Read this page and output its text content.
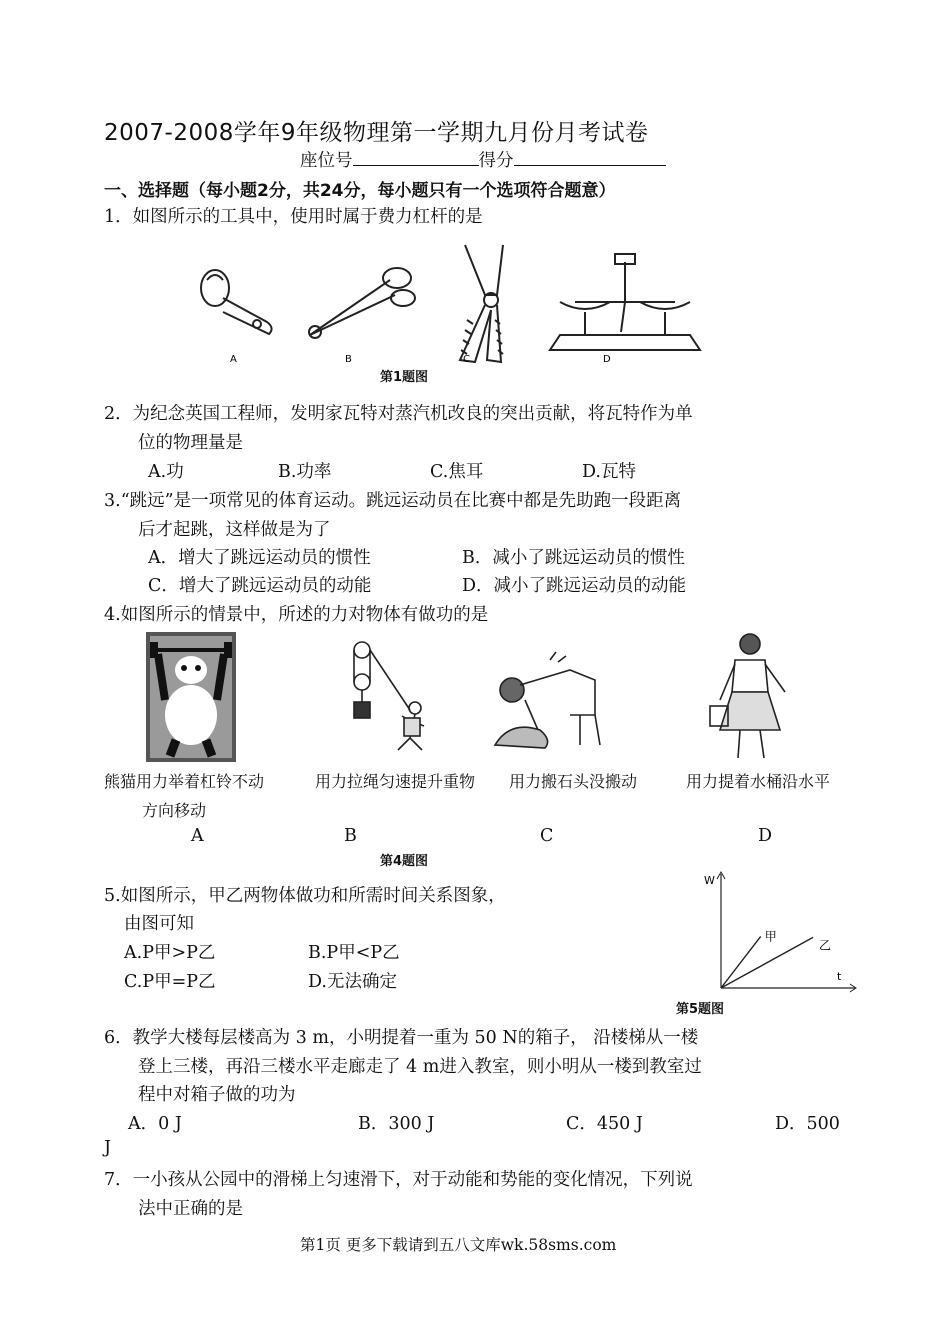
2007-2008学年9年级物理第一学期九月份月考试卷
座位号	得分
一、选择题（每小题2分，共24分，每小题只有一个选项符合题意）
1．如图所示的工具中，使用时属于费力杠杆的是
A	B	C	D
第1题图
2．为纪念英国工程师，发明家瓦特对蒸汽机改良的突出贡献，将瓦特作为单
位的物理量是
A.功	B.功率	C.焦耳	D.瓦特
3.“跳远”是一项常见的体育运动。跳远运动员在比赛中都是先助跑一段距离
后才起跳，这样做是为了
A．增大了跳远运动员的惯性	B．减小了跳远运动员的惯性
C．增大了跳远运动员的动能	D．减小了跳远运动员的动能
4.如图所示的情景中，所述的力对物体有做功的是
熊猫用力举着杠铃不动	用力拉绳匀速提升重物 用力搬石头没搬动	用力提着水桶沿水平
方向移动
A	B	C	D
第4题图
5.如图所示，甲乙两物体做功和所需时间关系图象，
由图可知
A.P甲>P乙	B.P甲<P乙
C.P甲=P乙	D.无法确定
W
t
甲
乙
第5题图
6．教学大楼每层楼高为 3 m，小明提着一重为 50 N的箱子， 沿楼梯从一楼
登上三楼，再沿三楼水平走廊走了 4 m进入教室，则小明从一楼到教室过
程中对箱子做的功为
A．0 J	B．300 J	C．450 J	D．500
J
7．一小孩从公园中的滑梯上匀速滑下，对于动能和势能的变化情况，下列说
法中正确的是
第1页 更多下载请到五八文库wk.58sms.com
